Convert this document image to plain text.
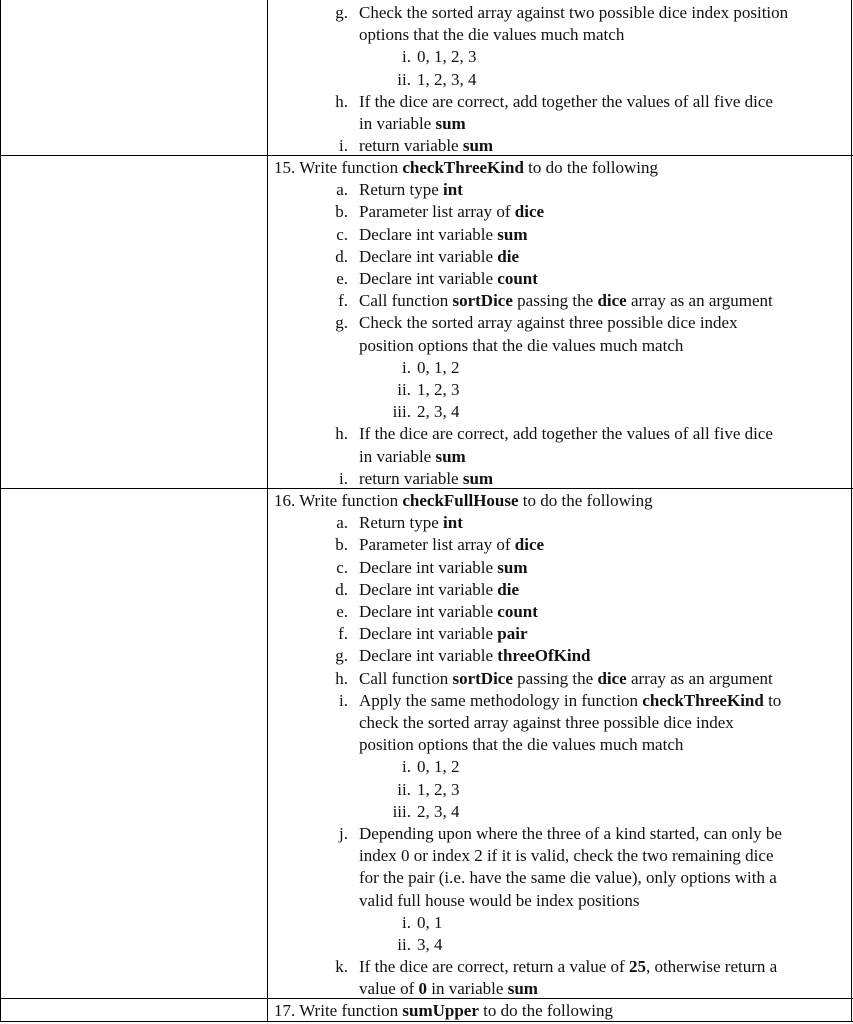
g. Check the sorted array against two possible dice index position
options that the die values much match
i. 0, 1, 2, 3
ii. 1, 2, 3, 4
h. If the dice are correct, add together the values of all five dice
in variable sum
i. return variable sum
15. Write function checkThreeKind to do the following
a. Return type int
b. Parameter list array of dice
c. Declare int variable sum
d. Declare int variable die
e. Declare int variable count
f. Call function sortDice passing the dice array as an argument
g. Check the sorted array against three possible dice index
position options that the die values much match
i. 0, 1, 2
ii. 1, 2, 3
iii. 2, 3, 4
h. If the dice are correct, add together the values of all five dice
in variable sum
i. return variable sum
16. Write function checkFullHouse to do the following
a. Return type int
b. Parameter list array of dice
c. Declare int variable sum
d. Declare int variable die
e. Declare int variable count
f. Declare int variable pair
g. Declare int variable threeOfKind
h. Call function sortDice passing the dice array as an argument
i. Apply the same methodology in function checkThreeKind to
check the sorted array against three possible dice index
position options that the die values much match
i. 0, 1, 2
ii. 1, 2, 3
iii. 2, 3, 4
j. Depending upon where the three of a kind started, can only be
index 0 or index 2 if it is valid, check the two remaining dice
for the pair (i.e. have the same die value), only options with a
valid full house would be index positions
i. 0, 1
ii. 3, 4
k. If the dice are correct, return a value of 25, otherwise return a
value of 0 in variable sum
17. Write function sumUpper to do the following
